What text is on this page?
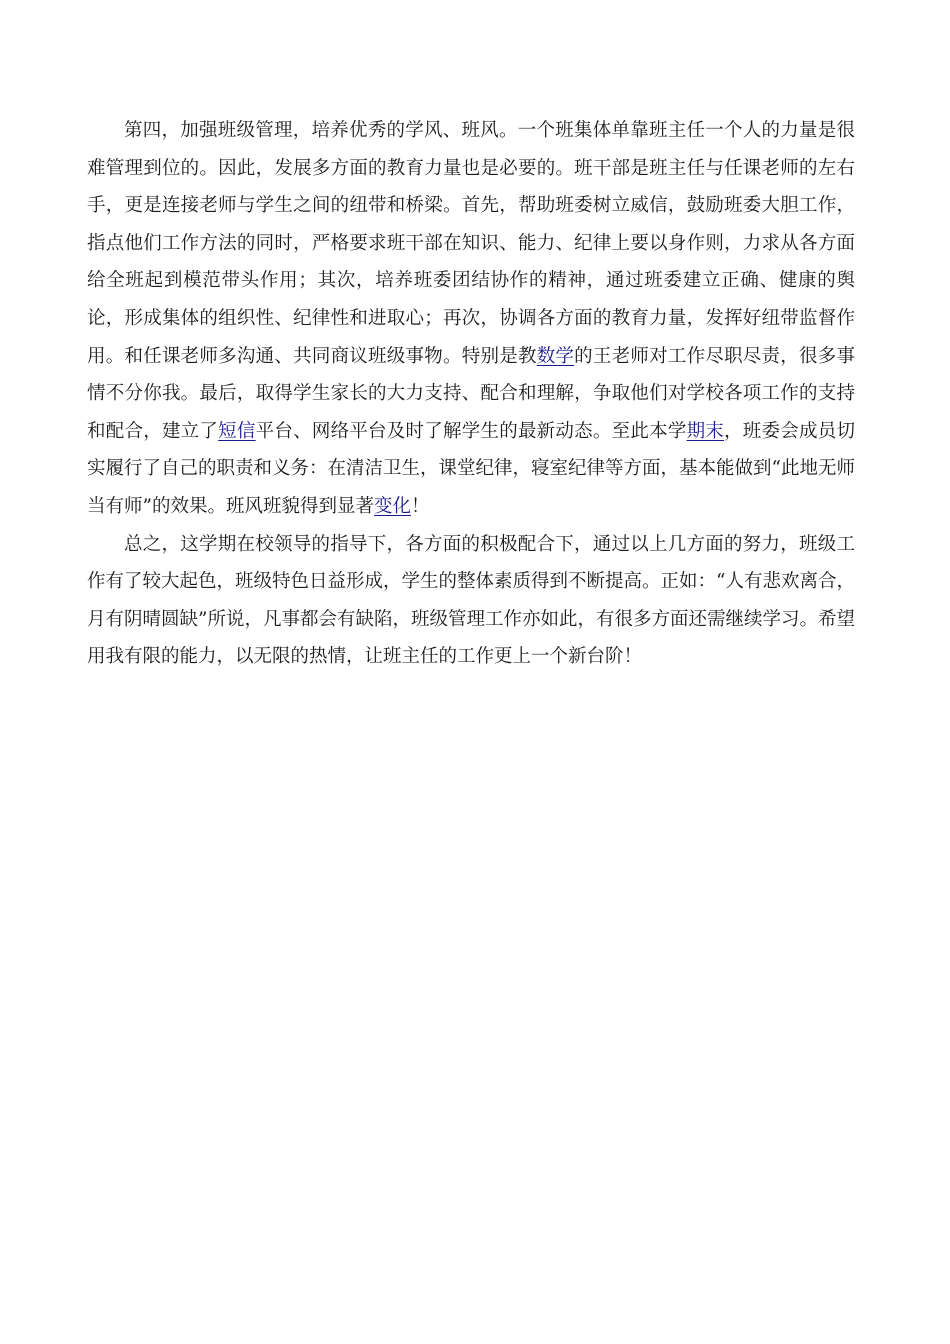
第四，加强班级管理，培养优秀的学风、班风。一个班集体单靠班主任一个人的力量是很难管理到位的。因此，发展多方面的教育力量也是必要的。班干部是班主任与任课老师的左右手，更是连接老师与学生之间的纽带和桥梁。首先，帮助班委树立威信，鼓励班委大胆工作，指点他们工作方法的同时，严格要求班干部在知识、能力、纪律上要以身作则，力求从各方面给全班起到模范带头作用；其次，培养班委团结协作的精神，通过班委建立正确、健康的舆论，形成集体的组织性、纪律性和进取心；再次，协调各方面的教育力量，发挥好纽带监督作用。和任课老师多沟通、共同商议班级事物。特别是教数学的王老师对工作尽职尽责，很多事情不分你我。最后，取得学生家长的大力支持、配合和理解，争取他们对学校各项工作的支持和配合，建立了短信平台、网络平台及时了解学生的最新动态。至此本学期末，班委会成员切实履行了自己的职责和义务：在清洁卫生，课堂纪律，寝室纪律等方面，基本能做到“此地无师当有师”的效果。班风班貌得到显著变化！

总之，这学期在校领导的指导下，各方面的积极配合下，通过以上几方面的努力，班级工作有了较大起色，班级特色日益形成，学生的整体素质得到不断提高。正如：“人有悲欢离合，月有阴晴圆缺”所说，凡事都会有缺陷，班级管理工作亦如此，有很多方面还需继续学习。希望用我有限的能力，以无限的热情，让班主任的工作更上一个新台阶！
